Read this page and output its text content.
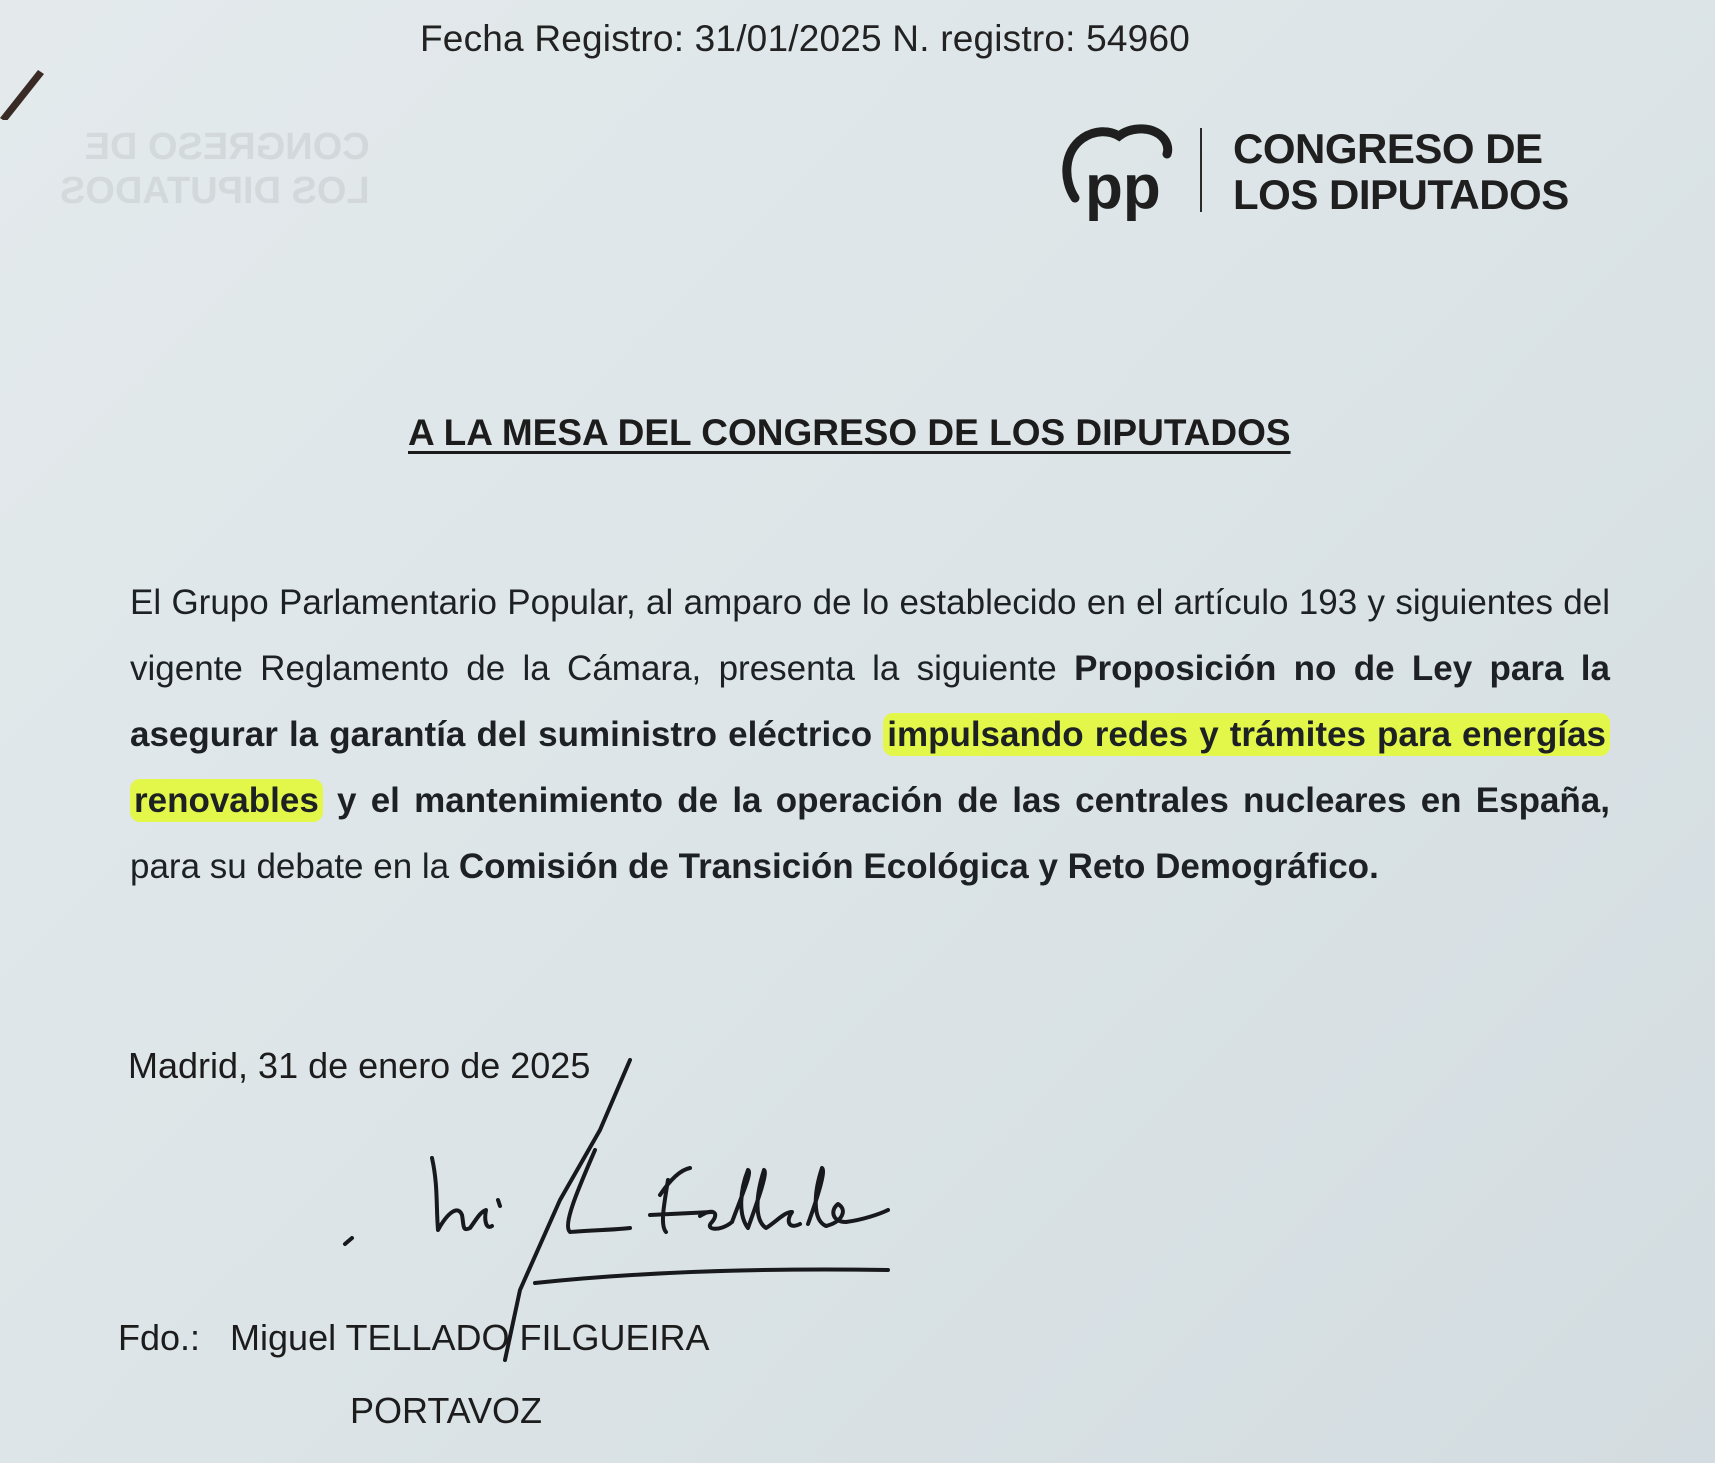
Fecha Registro: 31/01/2025 N. registro: 54960
CONGRESO DE
LOS DIPUTADOS	pp
CONGRESO DE
LOS DIPUTADOS
A LA MESA DEL CONGRESO DE LOS DIPUTADOS
El Grupo Parlamentario Popular, al amparo de lo establecido en el artículo 193 y siguientes del vigente Reglamento de la Cámara, presenta la siguiente Proposición no de Ley para la asegurar la garantía del suministro eléctrico impulsando redes y trámites para energías renovables y el mantenimiento de la operación de las centrales nucleares en España, para su debate en la Comisión de Transición Ecológica y Reto Demográfico.
Madrid, 31 de enero de 2025
Fdo.: Miguel TELLADO FILGUEIRA
PORTAVOZ
